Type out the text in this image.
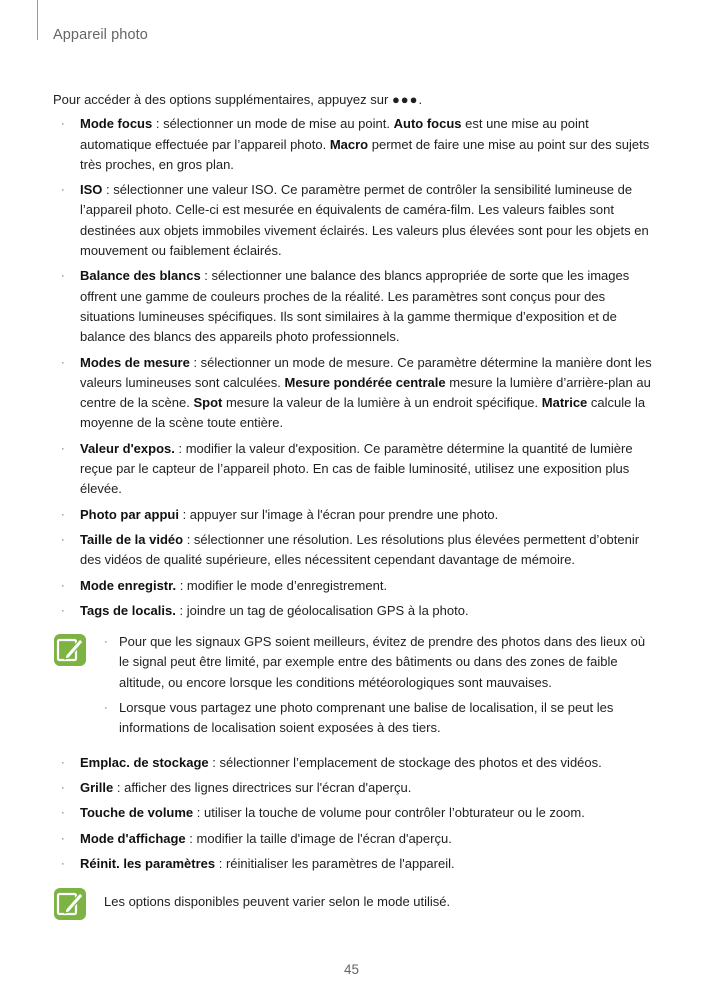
Appareil photo

Pour accéder à des options supplémentaires, appuyez sur ●●●.

· Mode focus : sélectionner un mode de mise au point. Auto focus est une mise au point automatique effectuée par l’appareil photo. Macro permet de faire une mise au point sur des sujets très proches, en gros plan.
· ISO : sélectionner une valeur ISO. Ce paramètre permet de contrôler la sensibilité lumineuse de l’appareil photo. Celle-ci est mesurée en équivalents de caméra-film. Les valeurs faibles sont destinées aux objets immobiles vivement éclairés. Les valeurs plus élevées sont pour les objets en mouvement ou faiblement éclairés.
· Balance des blancs : sélectionner une balance des blancs appropriée de sorte que les images offrent une gamme de couleurs proches de la réalité. Les paramètres sont conçus pour des situations lumineuses spécifiques. Ils sont similaires à la gamme thermique d’exposition et de balance des blancs des appareils photo professionnels.
· Modes de mesure : sélectionner un mode de mesure. Ce paramètre détermine la manière dont les valeurs lumineuses sont calculées. Mesure pondérée centrale mesure la lumière d’arrière-plan au centre de la scène. Spot mesure la valeur de la lumière à un endroit spécifique. Matrice calcule la moyenne de la scène toute entière.
· Valeur d'expos. : modifier la valeur d'exposition. Ce paramètre détermine la quantité de lumière reçue par le capteur de l’appareil photo. En cas de faible luminosité, utilisez une exposition plus élevée.
· Photo par appui : appuyer sur l'image à l'écran pour prendre une photo.
· Taille de la vidéo : sélectionner une résolution. Les résolutions plus élevées permettent d’obtenir des vidéos de qualité supérieure, elles nécessitent cependant davantage de mémoire.
· Mode enregistr. : modifier le mode d’enregistrement.
· Tags de localis. : joindre un tag de géolocalisation GPS à la photo.
· Pour que les signaux GPS soient meilleurs, évitez de prendre des photos dans des lieux où le signal peut être limité, par exemple entre des bâtiments ou dans des zones de faible altitude, ou encore lorsque les conditions météorologiques sont mauvaises.
· Lorsque vous partagez une photo comprenant une balise de localisation, il se peut les informations de localisation soient exposées à des tiers.
· Emplac. de stockage : sélectionner l’emplacement de stockage des photos et des vidéos.
· Grille : afficher des lignes directrices sur l'écran d'aperçu.
· Touche de volume : utiliser la touche de volume pour contrôler l’obturateur ou le zoom.
· Mode d'affichage : modifier la taille d'image de l'écran d'aperçu.
· Réinit. les paramètres : réinitialiser les paramètres de l'appareil.
Les options disponibles peuvent varier selon le mode utilisé.
45
